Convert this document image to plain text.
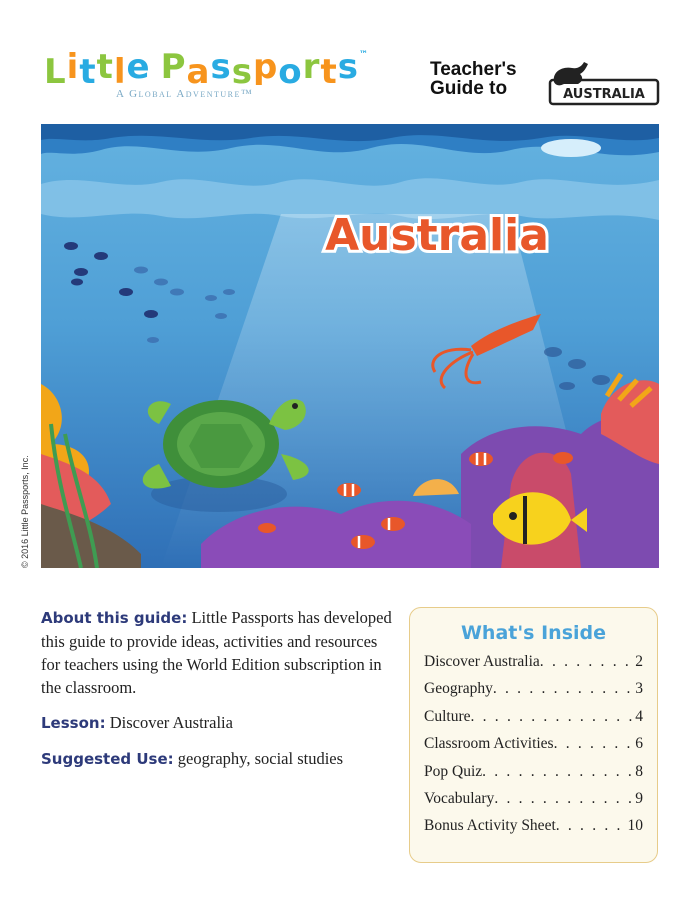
Little Passports™
A Global Adventure™
Teacher's
Guide to	AUSTRALIA
Australia
© 2016 Little Passports, Inc.

About this guide: Little Passports has developed this guide to provide ideas, activities and resources for teachers using the World Edition subscription in the classroom.

Lesson: Discover Australia

Suggested Use: geography, social studies

What's Inside
Discover Australia . . .	2
Geography . . .	3
Culture . . .	4
Classroom Activities . . .	6
Pop Quiz . . .	8
Vocabulary . . .	9
Bonus Activity Sheet . . .	10
